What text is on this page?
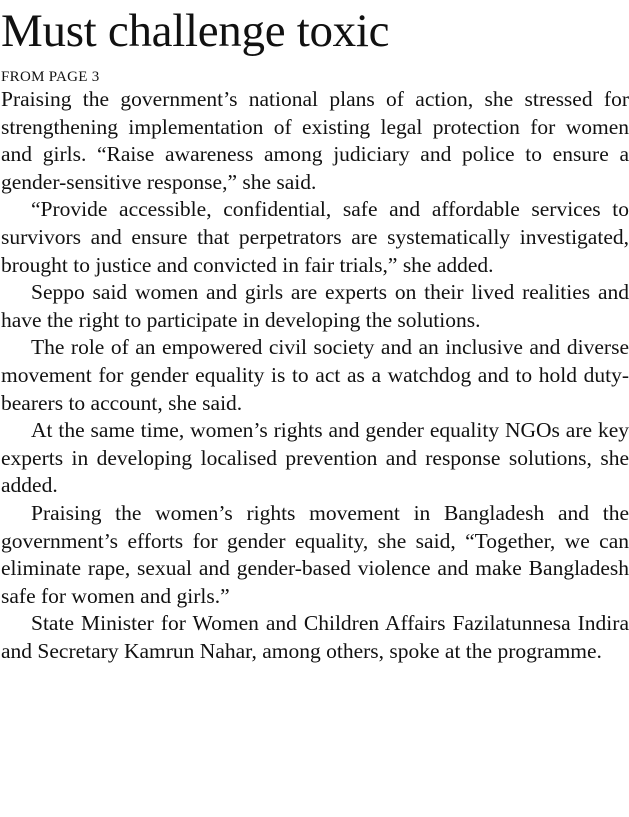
Must challenge toxic
FROM PAGE 3

Praising the government’s national plans of action, she stressed for strengthening implementation of existing legal protection for women and girls. “Raise awareness among judiciary and police to ensure a gender-sensitive response,” she said.

“Provide accessible, confidential, safe and affordable services to survivors and ensure that perpetrators are systematically investigated, brought to justice and convicted in fair trials,” she added.

Seppo said women and girls are experts on their lived realities and have the right to participate in developing the solutions.

The role of an empowered civil society and an inclusive and diverse movement for gender equality is to act as a watchdog and to hold duty-bearers to account, she said.

At the same time, women’s rights and gender equality NGOs are key experts in developing localised prevention and response solutions, she added.

Praising the women’s rights movement in Bangladesh and the government’s efforts for gender equality, she said, “Together, we can eliminate rape, sexual and gender-based violence and make Bangladesh safe for women and girls.”

State Minister for Women and Children Affairs Fazilatunnesa Indira and Secretary Kamrun Nahar, among others, spoke at the programme.
